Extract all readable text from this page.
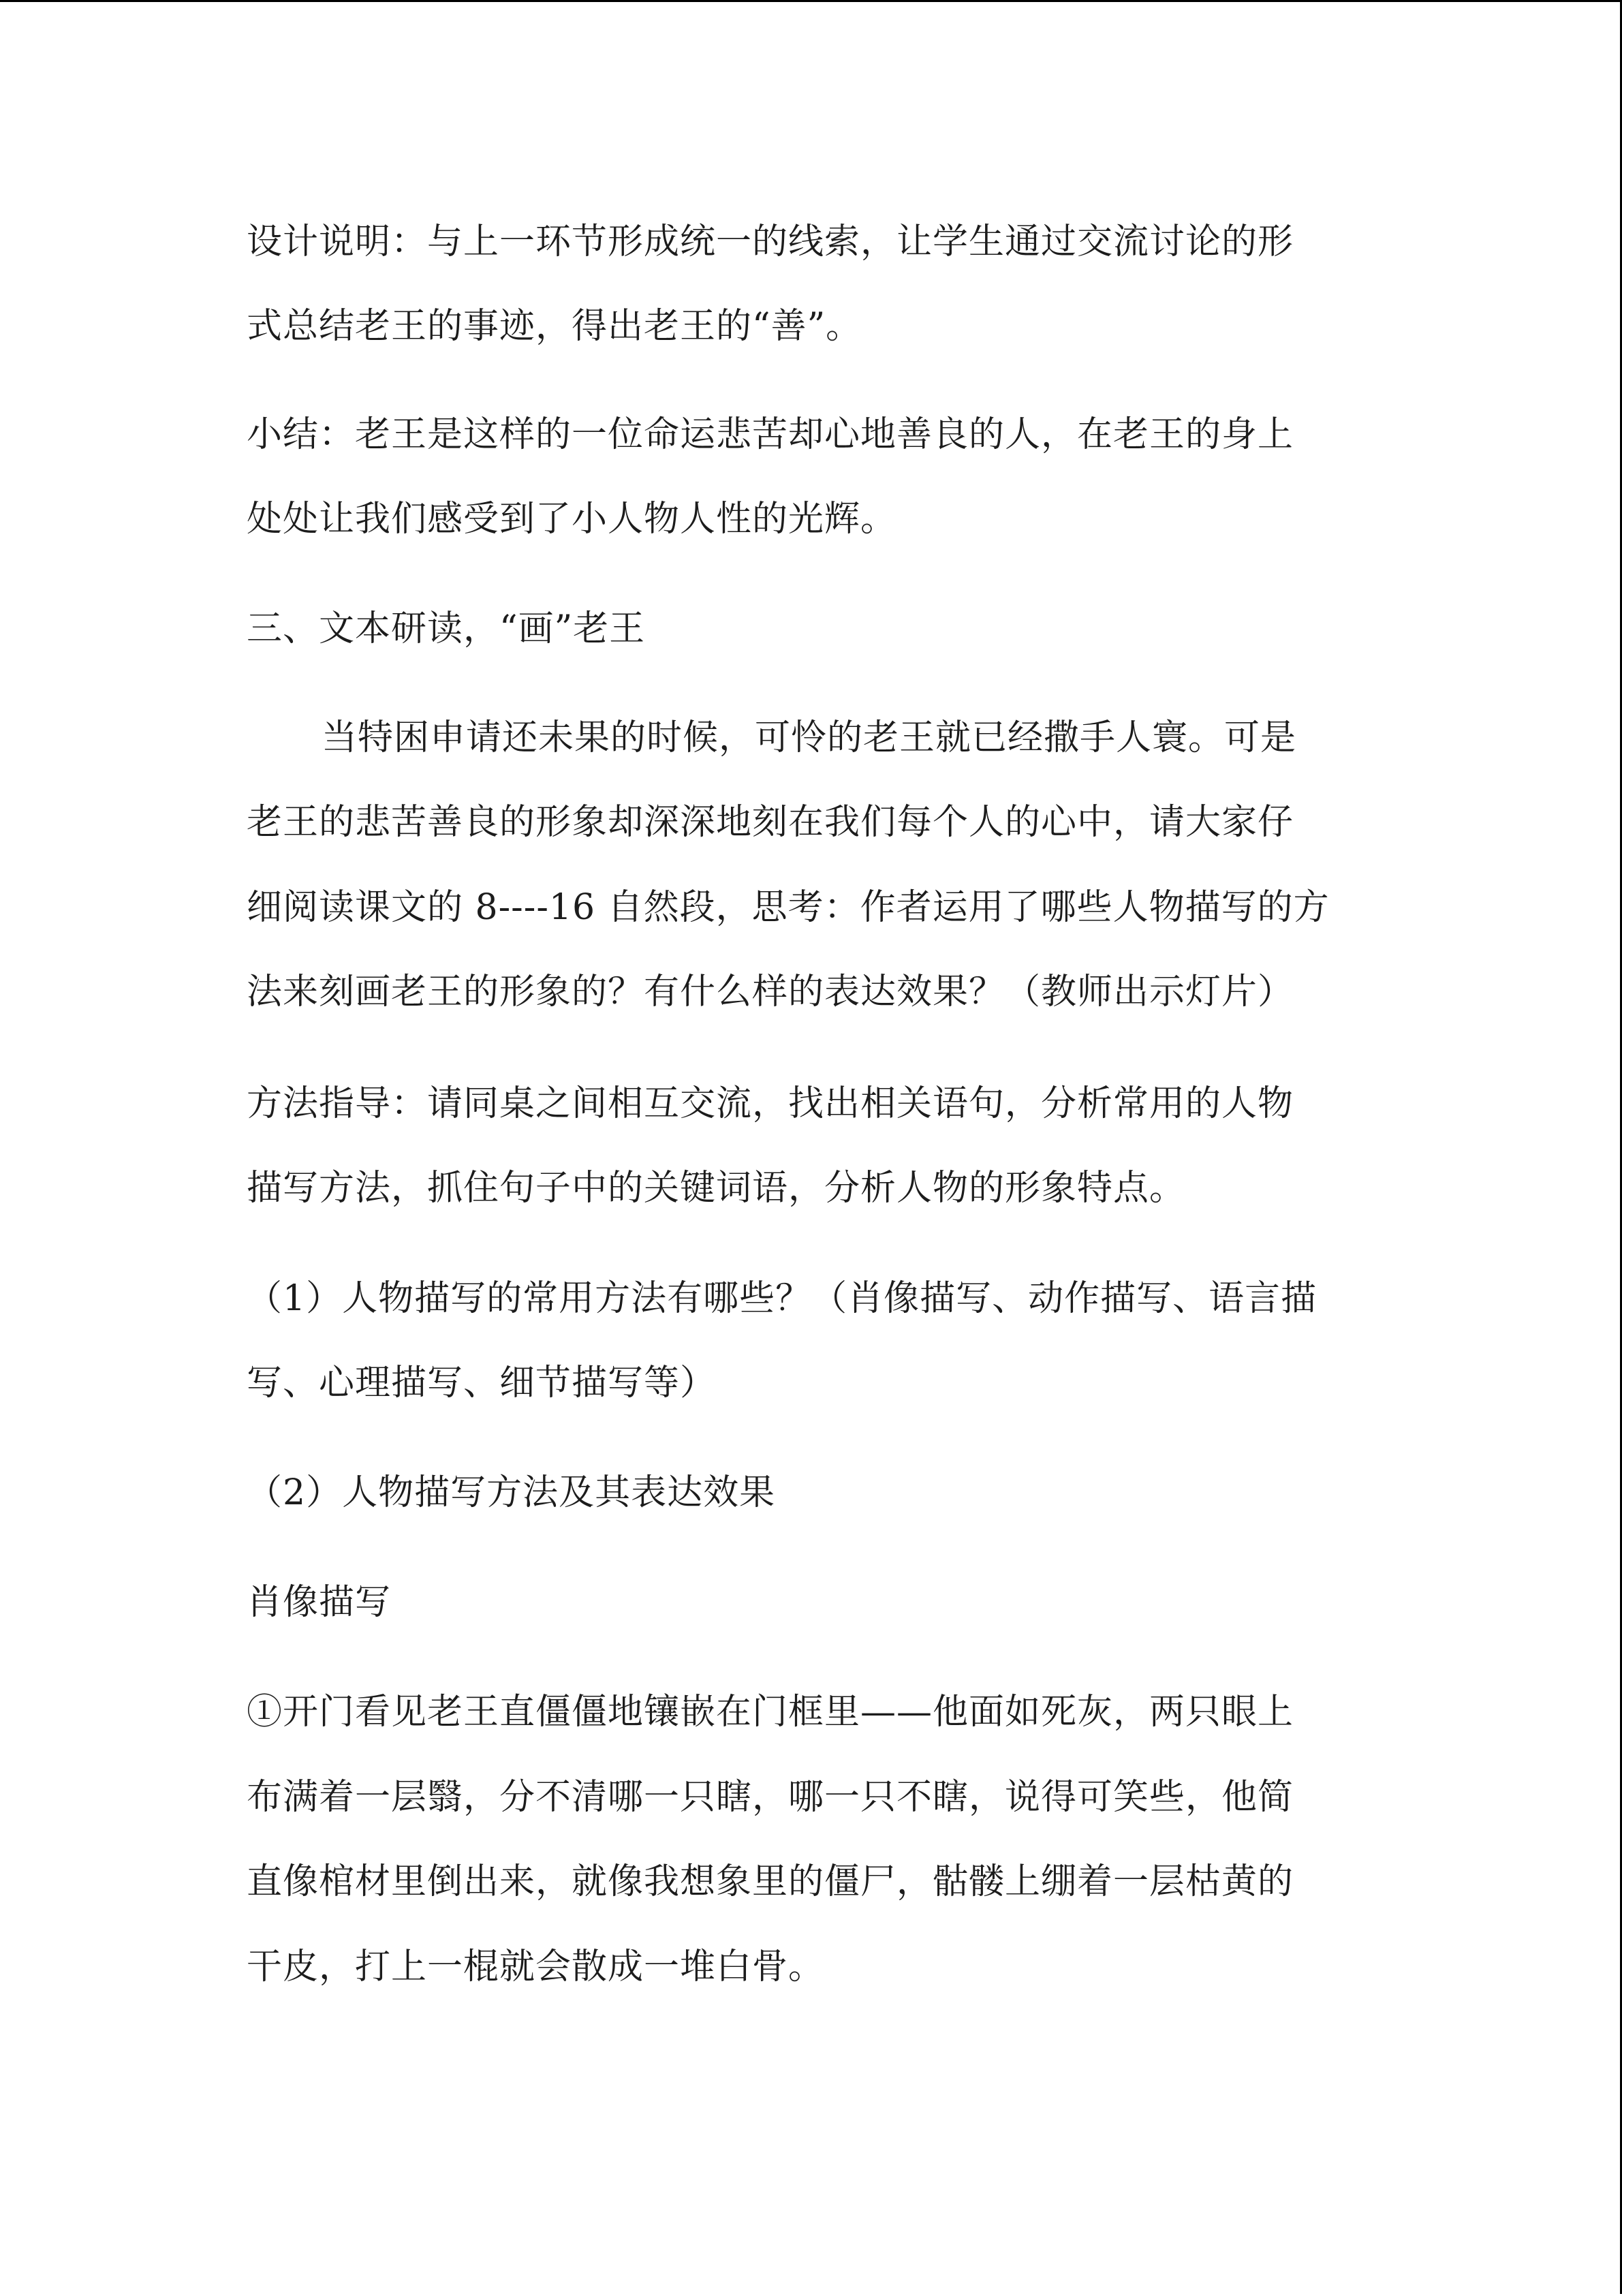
设计说明：与上一环节形成统一的线索，让学生通过交流讨论的形
式总结老王的事迹，得出老王的“善”。
小结：老王是这样的一位命运悲苦却心地善良的人，在老王的身上
处处让我们感受到了小人物人性的光辉。
三、文本研读，“画”老王
当特困申请还未果的时候，可怜的老王就已经撒手人寰。可是
老王的悲苦善良的形象却深深地刻在我们每个人的心中，请大家仔
细阅读课文的 8----16 自然段，思考：作者运用了哪些人物描写的方
法来刻画老王的形象的？有什么样的表达效果？（教师出示灯片）
方法指导：请同桌之间相互交流，找出相关语句，分析常用的人物
描写方法，抓住句子中的关键词语，分析人物的形象特点。
（1）人物描写的常用方法有哪些？（肖像描写、动作描写、语言描
写、心理描写、细节描写等）
（2）人物描写方法及其表达效果
肖像描写
①开门看见老王直僵僵地镶嵌在门框里——他面如死灰，两只眼上
布满着一层翳，分不清哪一只瞎，哪一只不瞎，说得可笑些，他简
直像棺材里倒出来，就像我想象里的僵尸，骷髅上绷着一层枯黄的
干皮，打上一棍就会散成一堆白骨。
